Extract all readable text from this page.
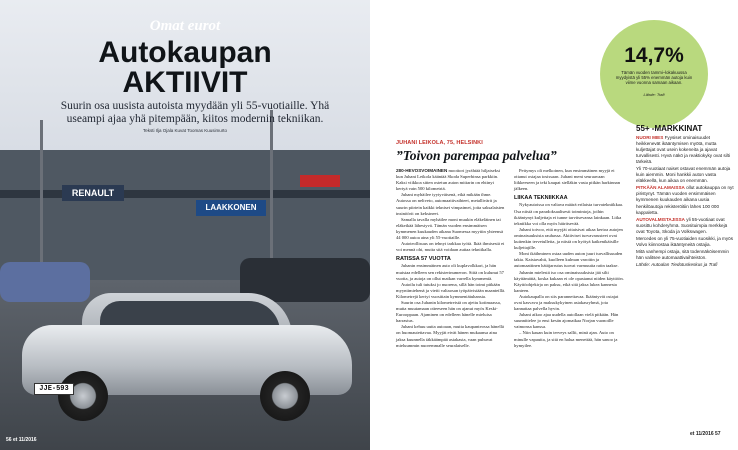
RENAULT
LAAKKONEN
JJE-593
Omat eurot
Autokaupan
AKTIIVIT
Suurin osa uusista autoista myydään yli 55-vuotiaille. Yhä useampi ajaa yhä pitempään, kiitos modernin tekniikan.
Teksti Ilja Ojala Kuvat Toomas Kuusimurto
56 et 11/2016
14,7%
Tämän vuoden tammi–lokakuussa myydyistä yli 55% enemmän autoja kuin viime vuonna samaan aikaan.
Lähde: Trafi
JUHANI LEIKOLA, 75, HELSINKI
”Toivon parempaa palvelua”

280-HEVOSVOIMAINEN moottori jyrähtää hiljaiseksi kun Juhani Leikola kääntää Skoda Superbinsa parkkiin. Kaksi viikkoa sitten ostetun auton mittarin on ehtinyt kertyä vain 500 kilometriä.

Juhani myhäilee tyytyväisenä, eikä mikään ihme. Autossa on neliveto, automaattivaihteet, metallivärit ja suurin piirtein kaikki tekniset vimpaimet, joita saksalaisten insinöörit on keksineet.

Samalla tavalla myhäilee moni muukin eläkeläinen tai eläkeikää lähestyvä. Tämän vuoden ensimmäisen kymmenen kuukauden aikana Suomessa myytiin yhteensä 44 000 autoa aina yli 55-vuotiaille.

Autoteollisuus on tehnyt tarkkaa työtä. Ikää ihmisestä ei voi mennä ohi, mutta sitä voidaan auttaa tekniikalla.

RATISSA 57 VUOTTA

Juhanin ensimmäinen auto oli kuplavolkkari, ja hän muistaa edelleen sen rekisterinumeron. Siitä on kulunut 57 vuotta, ja autoja on ollut matkan varrella kymmeniä.

Autoilu tuli tutuksi jo nuorena, sillä hän toimi pitkään myyntimiehenä ja vietti valtaosan työpäivistään maanteillä. Kilometrejä kertyi vuosittain kymmeniätuhansia.

Suurin osa Juhanin kilometreistä on ajettu kotimaassa, mutta muutamaan otteeseen hän on ajanut myös Keski-Eurooppaan. Ajaminen on edelleen hänelle mieluisa harrastus.

Juhani kehuu uutta autoaan, mutta kaupanteossa hänellä on huomautettavaa. Myyjät eivät hänen mukaansa aina jaksa kuunnella iäkkäämpää asiakasta, vaan puhuvat mieluummin nuoremmalle seuralaiselle.

Pettymys oli melkoinen, kun ensimmäinen myyjä ei ottanut ostajaa tosissaan. Juhani meni seuraavaan liikkeeseen ja teki kaupat sielläkin vasta pitkän harkinnan jälkeen.

LIIKAA TEKNIIKKAA

Nykyautoissa on valtava määrä erilaista turvatekniikkaa. Osa niistä on paradoksaalisesti toimintoja, joihin ikääntynyt kuljettaja ei tunne tarvitsevansa lainkaan. Liika tekniikka voi olla myös häiritsevää.

Juhani toivoo, että myyjät ottaisivat aikaa kertoa autojen ominaisuuksista rauhassa. Aktiiviset turvavarusteet ovat kuitenkin tervetulleita, ja niistä on hyötyä kaikenikäisille kuljettajille.

Moni ikäihminen ostaa uuden auton juuri turvallisuuden takia. Kaistavahti, kuolleen kulman varoitin ja automaattinen hätäjarrutus tuovat varmuutta ratin taakse.

Juhanin mielestä iso osa ominaisuuksista jää silti käyttämättä, koska kukaan ei ole opastanut niiden käyttöön. Käyttöohjekirja on paksu, eikä sitä jaksa lukea kannesta kanteen.

Autokaupalla on siis parannettavaa. Ikääntyvät ostajat ovat kasvava ja maksukykyinen asiakasryhmä, jota kannattaa palvella hyvin.

Juhani aikoo ajaa uudella autollaan vielä pitkään. Hän suunnittelee jo ensi kesän ajomatkaa Norjan vuonoille vaimonsa kanssa.

– Niin kauan kuin terveys sallii, minä ajan. Auto on minulle vapautta, ja sitä en halua menettää, hän sanoo ja hymyilee.

55+ -MARKKINAT
NUORI MIES Fyysiset ominaisuudet heikkenevät ikääntymisen myötä, mutta kuljettajat ovat usein kokeneita ja ajavat turvallisesti. Hyvä näkö ja reaktiokyky ovat silti tärkeitä.
Yli 70-vuotiaat naiset ostavat enemmän autoja kuin aiemmin. Moni hankkii auton vasta eläkkeellä, kun aikaa on enemmän.
PITKÄÄN ALAMAISSA ollut autokauppa on nyt piristynyt. Tämän vuoden ensimmäisen kymmenen kuukauden aikana uusia henkilöautoja rekisteröitiin lähes 100 000 kappaletta.
AUTOVALMISTAJISSA yli 55-vuotiaat ovat suosittu kohderyhmä. Suosituimpia merkkejä ovat Toyota, Skoda ja Volkswagen.
Mercedes on yli 75-vuotiaiden suosikki, ja myös Volvo kiinnostaa ikääntyneitä ostajia.
Mitä vanhempi ostaja, sitä todennäköisemmin hän valitsee automaattivaihteiston.
Lähde: Autoalan Tiedotuskeskus ja Trafi
et 11/2016 57
